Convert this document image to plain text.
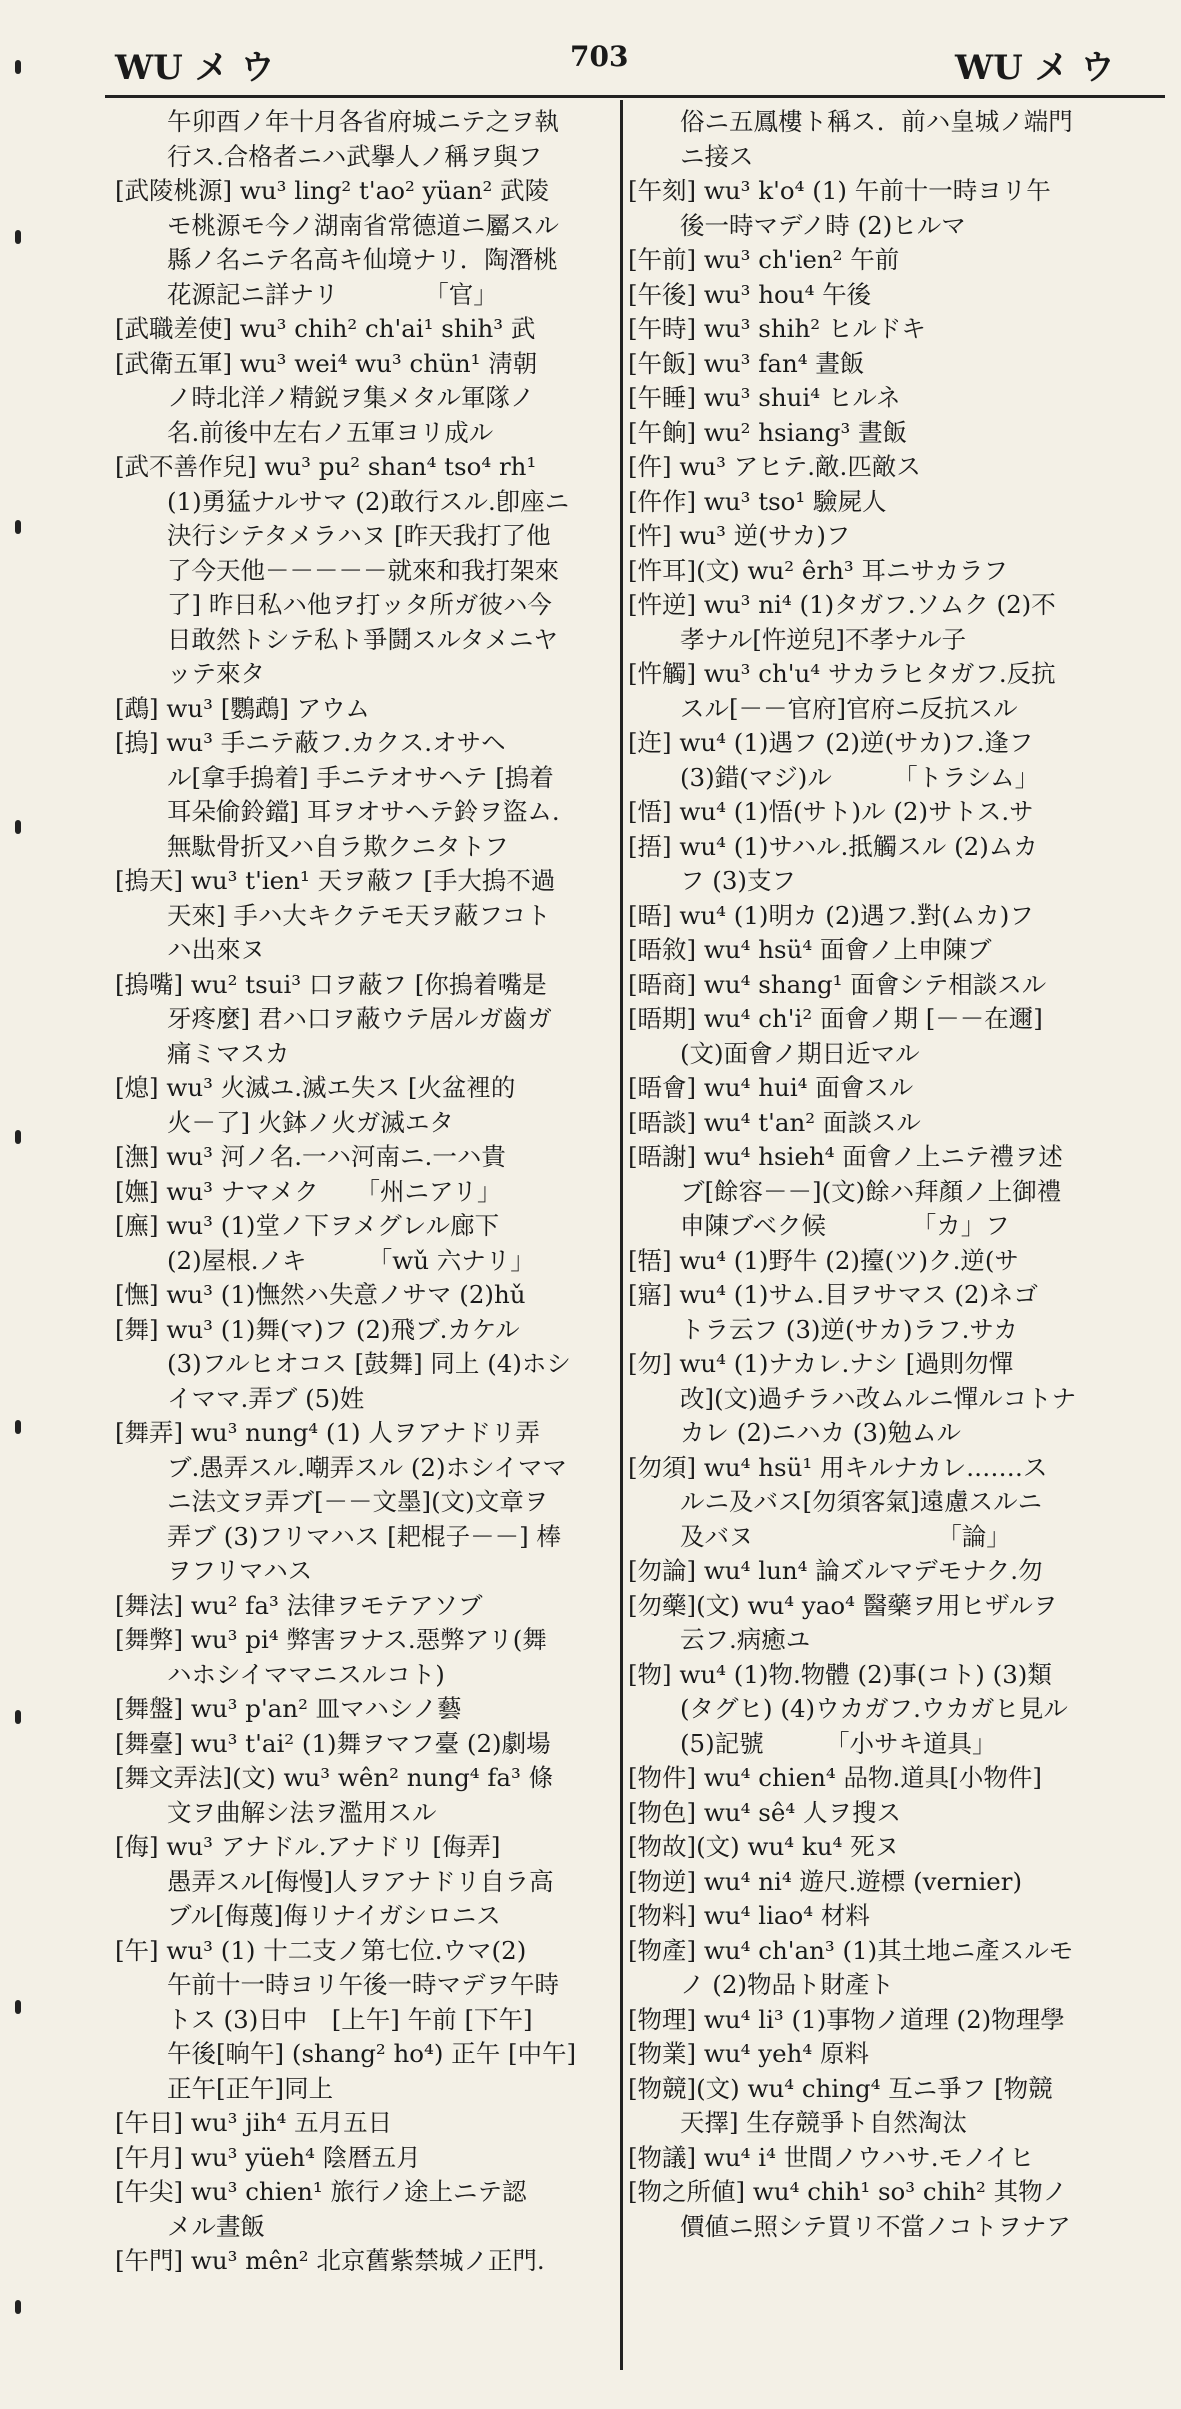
WU メ ウ	703	WU メ ウ
午卯酉ノ年十月各省府城ニテ之ヲ執
行ス.合格者ニハ武擧人ノ稱ヲ與フ
[武陵桃源] wu³ ling² t'ao² yüan² 武陵
モ桃源モ今ノ湖南省常德道ニ屬スル
縣ノ名ニテ名高キ仙境ナリ．陶潛桃
花源記ニ詳ナリ　　　　「官」
[武職差使] wu³ chih² ch'ai¹ shih³ 武
[武衛五軍] wu³ wei⁴ wu³ chün¹ 淸朝
ノ時北洋ノ精鋭ヲ集メタル軍隊ノ
名.前後中左右ノ五軍ヨリ成ル
[武不善作兒] wu³ pu² shan⁴ tso⁴ rh¹
(1)勇猛ナルサマ (2)敢行スル.卽座ニ
決行シテタメラハヌ [昨天我打了他
了今天他－－－－－就來和我打架來
了] 昨日私ハ他ヲ打ッタ所ガ彼ハ今
日敢然トシテ私ト爭鬪スルタメニヤ
ッテ來タ
[鵡] wu³ [鸚鵡] アウム
[摀] wu³ 手ニテ蔽フ.カクス.オサヘ
ル[拿手摀着] 手ニテオサヘテ [摀着
耳朵偷鈴鐺] 耳ヲオサヘテ鈴ヲ盜ム.
無駄骨折又ハ自ラ欺クニタトフ
[摀天] wu³ t'ien¹ 天ヲ蔽フ [手大摀不過
天來] 手ハ大キクテモ天ヲ蔽フコト
ハ出來ヌ
[摀嘴] wu² tsui³ 口ヲ蔽フ [你摀着嘴是
牙疼麼] 君ハ口ヲ蔽ウテ居ルガ齒ガ
痛ミマスカ
[熄] wu³ 火滅ユ.滅エ失ス [火盆裡的
火－了] 火鉢ノ火ガ滅エタ
[潕] wu³ 河ノ名.一ハ河南ニ.一ハ貴
[嫵] wu³ ナマメク　　「州ニアリ」
[廡] wu³ (1)堂ノ下ヲメグレル廊下
(2)屋根.ノキ　　　「wǔ 六ナリ」
[憮] wu³ (1)憮然ハ失意ノサマ (2)hǔ
[舞] wu³ (1)舞(マ)フ (2)飛ブ.カケル
(3)フルヒオコス [鼓舞] 同上 (4)ホシ
イママ.弄ブ (5)姓
[舞弄] wu³ nung⁴ (1) 人ヲアナドリ弄
ブ.愚弄スル.嘲弄スル (2)ホシイママ
ニ法文ヲ弄ブ[－－文墨](文)文章ヲ
弄ブ (3)フリマハス [耙棍子－－] 棒
ヲフリマハス
[舞法] wu² fa³ 法律ヲモテアソブ
[舞弊] wu³ pi⁴ 弊害ヲナス.惡弊アリ(舞
ハホシイママニスルコト)
[舞盤] wu³ p'an² 皿マハシノ藝
[舞臺] wu³ t'ai² (1)舞ヲマフ臺 (2)劇場
[舞文弄法](文) wu³ wên² nung⁴ fa³ 條
文ヲ曲解シ法ヲ濫用スル
[侮] wu³ アナドル.アナドリ [侮弄]
愚弄スル[侮慢]人ヲアナドリ自ラ高
ブル[侮蔑]侮リナイガシロニス
[午] wu³ (1) 十二支ノ第七位.ウマ(2)
午前十一時ヨリ午後一時マデヲ午時
トス (3)日中　[上午] 午前 [下午]
午後[晌午] (shang² ho⁴) 正午 [中午]
正午[正午]同上
[午日] wu³ jih⁴ 五月五日
[午月] wu³ yüeh⁴ 陰暦五月
[午尖] wu³ chien¹ 旅行ノ途上ニテ認
メル晝飯
[午門] wu³ mên² 北京舊紫禁城ノ正門.
俗ニ五鳳樓ト稱ス．前ハ皇城ノ端門
ニ接ス
[午刻] wu³ k'o⁴ (1) 午前十一時ヨリ午
後一時マデノ時 (2)ヒルマ
[午前] wu³ ch'ien² 午前
[午後] wu³ hou⁴ 午後
[午時] wu³ shih² ヒルドキ
[午飯] wu³ fan⁴ 晝飯
[午睡] wu³ shui⁴ ヒルネ
[午餉] wu² hsiang³ 晝飯
[仵] wu³ アヒテ.敵.匹敵ス
[仵作] wu³ tso¹ 驗屍人
[忤] wu³ 逆(サカ)フ
[忤耳](文) wu² êrh³ 耳ニサカラフ
[忤逆] wu³ ni⁴ (1)タガフ.ソムク (2)不
孝ナル[忤逆兒]不孝ナル子
[忤觸] wu³ ch'u⁴ サカラヒタガフ.反抗
スル[－－官府]官府ニ反抗スル
[迕] wu⁴ (1)遇フ (2)逆(サカ)フ.逢フ
(3)錯(マジ)ル　　　「トラシム」
[悟] wu⁴ (1)悟(サト)ル (2)サトス.サ
[捂] wu⁴ (1)サハル.抵觸スル (2)ムカ
フ (3)支フ
[晤] wu⁴ (1)明カ (2)遇フ.對(ムカ)フ
[晤敘] wu⁴ hsü⁴ 面會ノ上申陳ブ
[晤商] wu⁴ shang¹ 面會シテ相談スル
[晤期] wu⁴ ch'i² 面會ノ期 [－－在邇]
(文)面會ノ期日近マル
[晤會] wu⁴ hui⁴ 面會スル
[晤談] wu⁴ t'an² 面談スル
[晤謝] wu⁴ hsieh⁴ 面會ノ上ニテ禮ヲ述
ブ[餘容－－](文)餘ハ拜顏ノ上御禮
申陳ブベク候　　　　「カ」フ
[牾] wu⁴ (1)野牛 (2)擡(ツ)ク.逆(サ
[寤] wu⁴ (1)サム.目ヲサマス (2)ネゴ
トラ云フ (3)逆(サカ)ラフ.サカ
[勿] wu⁴ (1)ナカレ.ナシ [過則勿憚
改](文)過チラハ改ムルニ憚ルコトナ
カレ (2)ニハカ (3)勉ムル
[勿須] wu⁴ hsü¹ 用キルナカレ.……ス
ルニ及バス[勿須客氣]遠慮スルニ
及バヌ　　　　　　　　「論」
[勿論] wu⁴ lun⁴ 論ズルマデモナク.勿
[勿藥](文) wu⁴ yao⁴ 醫藥ヲ用ヒザルヲ
云フ.病癒ユ
[物] wu⁴ (1)物.物體 (2)事(コト) (3)類
(タグヒ) (4)ウカガフ.ウカガヒ見ル
(5)記號　　　「小サキ道具」
[物件] wu⁴ chien⁴ 品物.道具[小物件]
[物色] wu⁴ sê⁴ 人ヲ搜ス
[物故](文) wu⁴ ku⁴ 死ヌ
[物逆] wu⁴ ni⁴ 遊尺.遊標 (vernier)
[物料] wu⁴ liao⁴ 材料
[物產] wu⁴ ch'an³ (1)其土地ニ產スルモ
ノ (2)物品ト財產ト
[物理] wu⁴ li³ (1)事物ノ道理 (2)物理學
[物業] wu⁴ yeh⁴ 原料
[物競](文) wu⁴ ching⁴ 互ニ爭フ [物競
天擇] 生存競爭ト自然淘汰
[物議] wu⁴ i⁴ 世間ノウハサ.モノイヒ
[物之所値] wu⁴ chih¹ so³ chih² 其物ノ
價値ニ照シテ買リ不當ノコトヲナア
